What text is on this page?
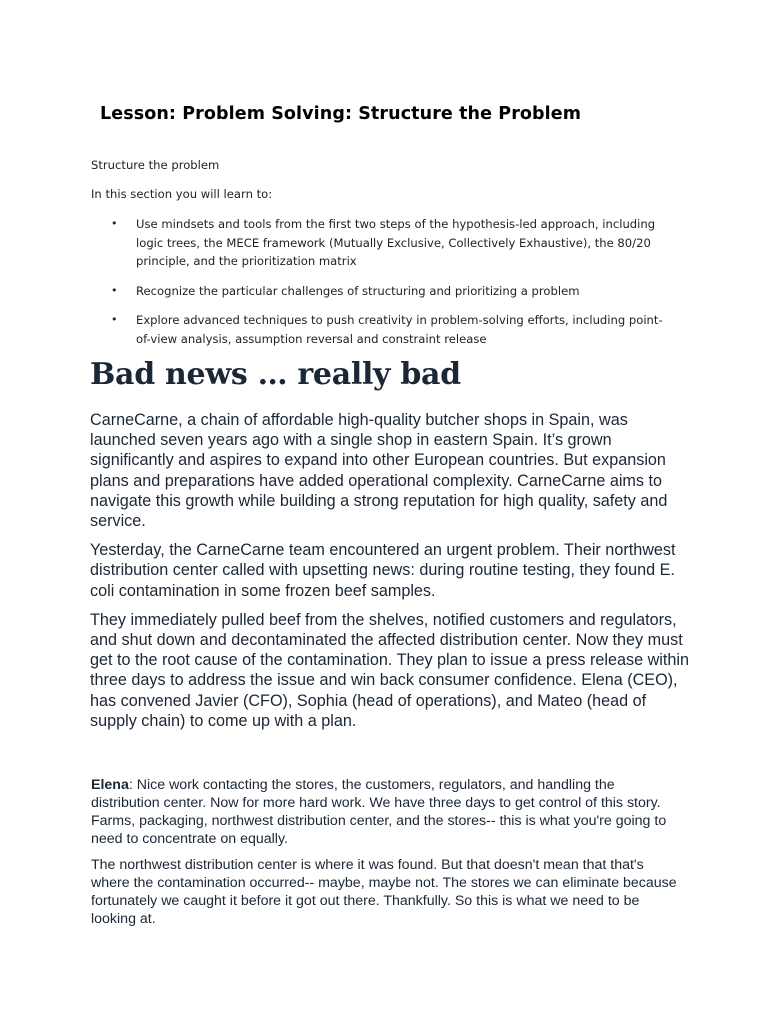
Lesson: Problem Solving: Structure the Problem

Structure the problem

In this section you will learn to:

• Use mindsets and tools from the first two steps of the hypothesis-led approach, including logic trees, the MECE framework (Mutually Exclusive, Collectively Exhaustive), the 80/20 principle, and the prioritization matrix
• Recognize the particular challenges of structuring and prioritizing a problem
• Explore advanced techniques to push creativity in problem-solving efforts, including point-of-view analysis, assumption reversal and constraint release
Bad news … really bad

CarneCarne, a chain of affordable high-quality butcher shops in Spain, was launched seven years ago with a single shop in eastern Spain. It’s grown significantly and aspires to expand into other European countries. But expansion plans and preparations have added operational complexity. CarneCarne aims to navigate this growth while building a strong reputation for high quality, safety and service.

Yesterday, the CarneCarne team encountered an urgent problem. Their northwest distribution center called with upsetting news: during routine testing, they found E. coli contamination in some frozen beef samples.

They immediately pulled beef from the shelves, notified customers and regulators, and shut down and decontaminated the affected distribution center. Now they must get to the root cause of the contamination. They plan to issue a press release within three days to address the issue and win back consumer confidence. Elena (CEO), has convened Javier (CFO), Sophia (head of operations), and Mateo (head of supply chain) to come up with a plan.

Elena: Nice work contacting the stores, the customers, regulators, and handling the distribution center. Now for more hard work. We have three days to get control of this story. Farms, packaging, northwest distribution center, and the stores-- this is what you're going to need to concentrate on equally.

The northwest distribution center is where it was found. But that doesn't mean that that's where the contamination occurred-- maybe, maybe not. The stores we can eliminate because fortunately we caught it before it got out there. Thankfully. So this is what we need to be looking at.
